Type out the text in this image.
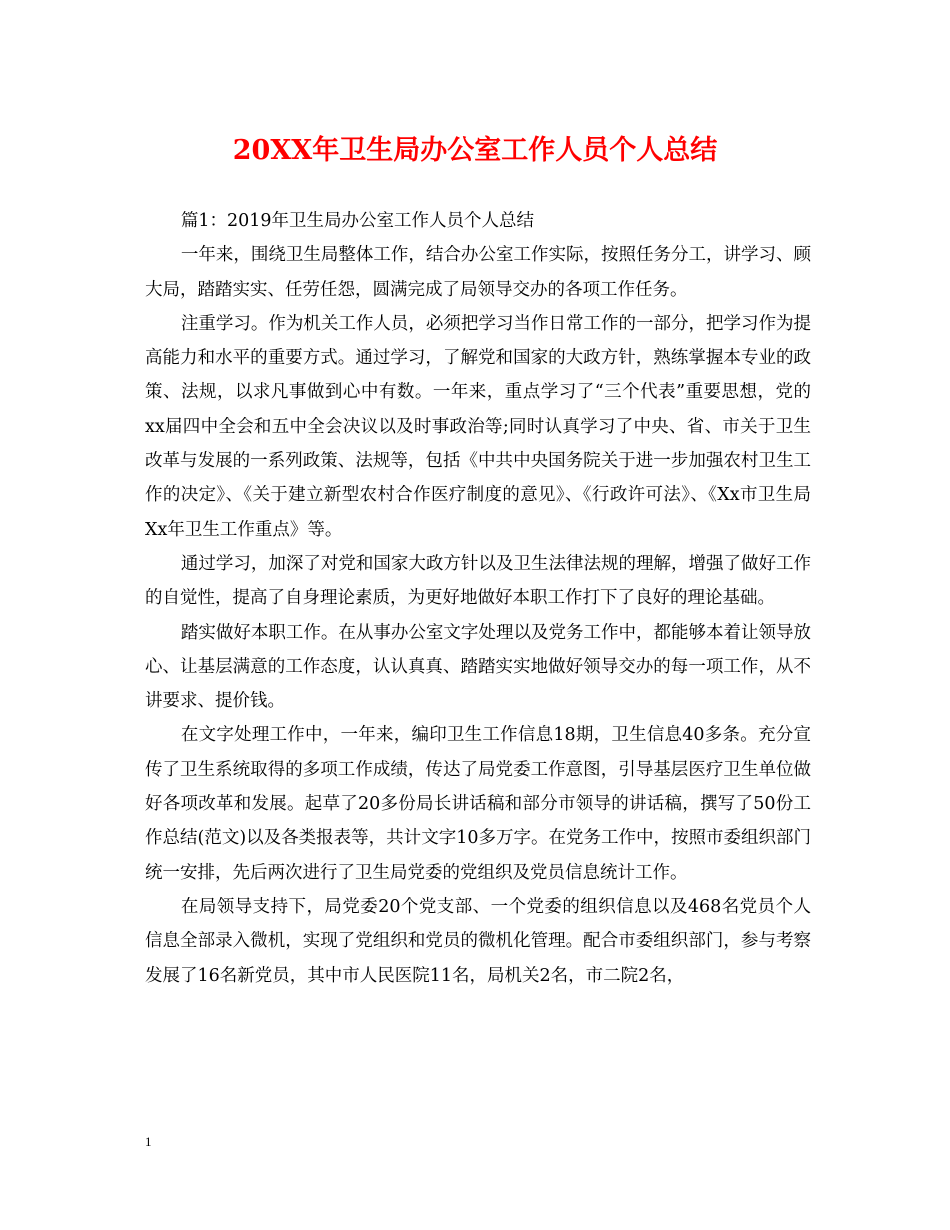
20XX年卫生局办公室工作人员个人总结

篇1：2019年卫生局办公室工作人员个人总结

一年来，围绕卫生局整体工作，结合办公室工作实际，按照任务分工，讲学习、顾大局，踏踏实实、任劳任怨，圆满完成了局领导交办的各项工作任务。

注重学习。作为机关工作人员，必须把学习当作日常工作的一部分，把学习作为提高能力和水平的重要方式。通过学习，了解党和国家的大政方针，熟练掌握本专业的政策、法规，以求凡事做到心中有数。一年来，重点学习了“三个代表”重要思想，党的xx届四中全会和五中全会决议以及时事政治等;同时认真学习了中央、省、市关于卫生改革与发展的一系列政策、法规等，包括《中共中央国务院关于进一步加强农村卫生工作的决定》、《关于建立新型农村合作医疗制度的意见》、《行政许可法》、《Xx市卫生局Xx年卫生工作重点》等。

通过学习，加深了对党和国家大政方针以及卫生法律法规的理解，增强了做好工作的自觉性，提高了自身理论素质，为更好地做好本职工作打下了良好的理论基础。

踏实做好本职工作。在从事办公室文字处理以及党务工作中，都能够本着让领导放心、让基层满意的工作态度，认认真真、踏踏实实地做好领导交办的每一项工作，从不讲要求、提价钱。

在文字处理工作中，一年来，编印卫生工作信息18期，卫生信息40多条。充分宣传了卫生系统取得的多项工作成绩，传达了局党委工作意图，引导基层医疗卫生单位做好各项改革和发展。起草了20多份局长讲话稿和部分市领导的讲话稿，撰写了50份工作总结(范文)以及各类报表等，共计文字10多万字。在党务工作中，按照市委组织部门统一安排，先后两次进行了卫生局党委的党组织及党员信息统计工作。

在局领导支持下，局党委20个党支部、一个党委的组织信息以及468名党员个人信息全部录入微机，实现了党组织和党员的微机化管理。配合市委组织部门，参与考察发展了16名新党员，其中市人民医院11名，局机关2名，市二院2名，

1
